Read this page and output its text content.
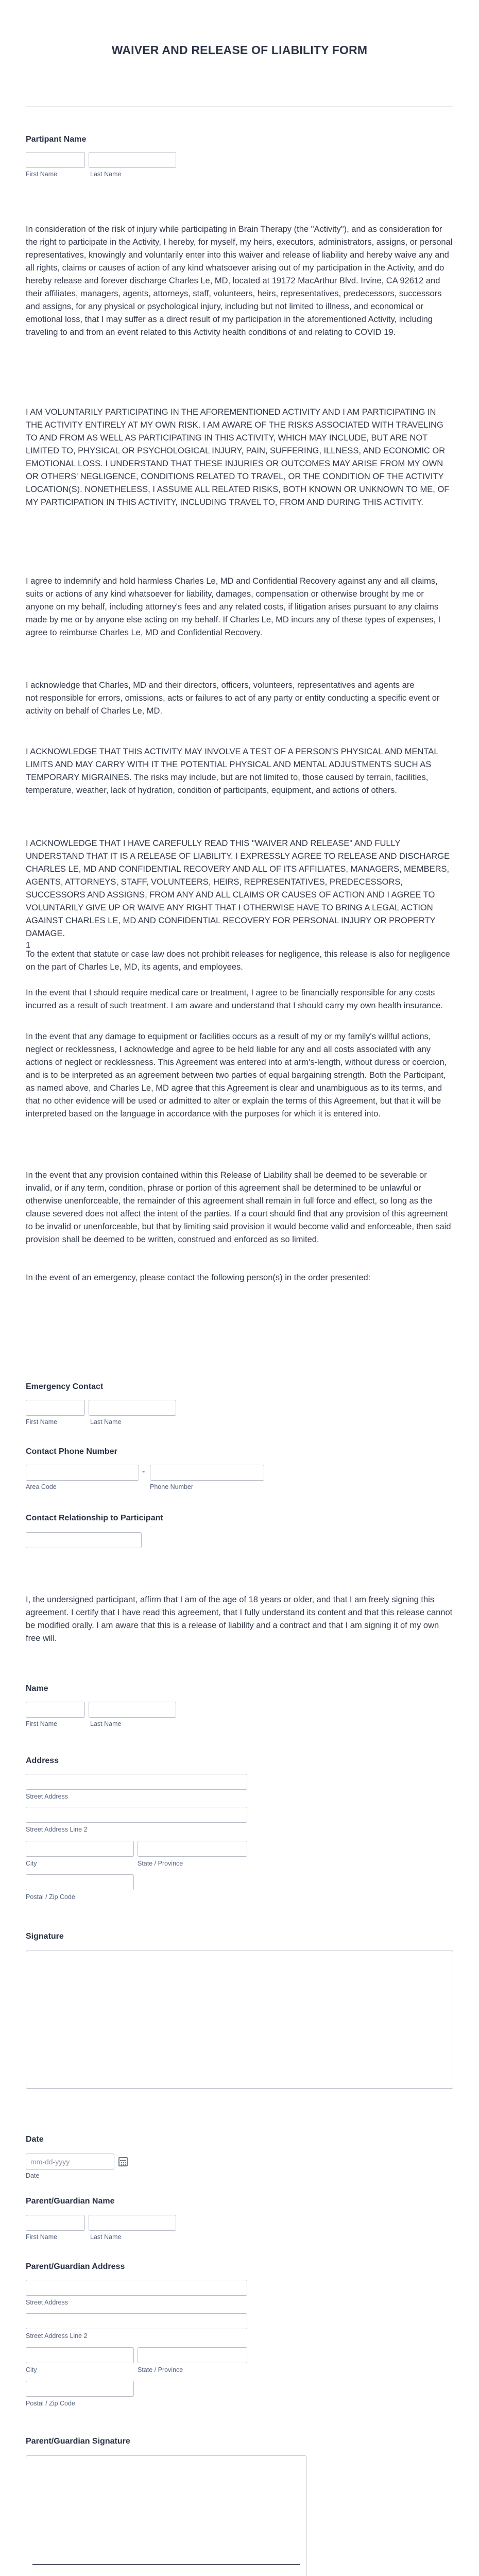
WAIVER AND RELEASE OF LIABILITY FORM
Partipant Name
First Name	Last Name
In consideration of the risk of injury while participating in Brain Therapy (the "Activity"), and as consideration for the right to participate in the Activity, I hereby, for myself, my heirs, executors, administrators, assigns, or personal representatives, knowingly and voluntarily enter into this waiver and release of liability and hereby waive any and all rights, claims or causes of action of any kind whatsoever arising out of my participation in the Activity, and do hereby release and forever discharge Charles Le, MD, located at 19172 MacArthur Blvd. Irvine, CA 92612 and their affiliates, managers, agents, attorneys, staff, volunteers, heirs, representatives, predecessors, successors and assigns, for any physical or psychological injury, including but not limited to illness, and economical or emotional loss, that I may suffer as a direct result of my participation in the aforementioned Activity, including traveling to and from an event related to this Activity health conditions of and relating to COVID 19.
I AM VOLUNTARILY PARTICIPATING IN THE AFOREMENTIONED ACTIVITY AND I AM PARTICIPATING IN THE ACTIVITY ENTIRELY AT MY OWN RISK. I AM AWARE OF THE RISKS ASSOCIATED WITH TRAVELING TO AND FROM AS WELL AS PARTICIPATING IN THIS ACTIVITY, WHICH MAY INCLUDE, BUT ARE NOT LIMITED TO, PHYSICAL OR PSYCHOLOGICAL INJURY, PAIN, SUFFERING, ILLNESS, AND ECONOMIC OR EMOTIONAL LOSS. I UNDERSTAND THAT THESE INJURIES OR OUTCOMES MAY ARISE FROM MY OWN OR OTHERS' NEGLIGENCE, CONDITIONS RELATED TO TRAVEL, OR THE CONDITION OF THE ACTIVITY LOCATION(S). NONETHELESS, I ASSUME ALL RELATED RISKS, BOTH KNOWN OR UNKNOWN TO ME, OF MY PARTICIPATION IN THIS ACTIVITY, INCLUDING TRAVEL TO, FROM AND DURING THIS ACTIVITY.
I agree to indemnify and hold harmless Charles Le, MD and Confidential Recovery against any and all claims, suits or actions of any kind whatsoever for liability, damages, compensation or otherwise brought by me or anyone on my behalf, including attorney's fees and any related costs, if litigation arises pursuant to any claims made by me or by anyone else acting on my behalf. If Charles Le, MD incurs any of these types of expenses, I agree to reimburse Charles Le, MD and Confidential Recovery.
I acknowledge that Charles, MD and their directors, officers, volunteers, representatives and agents are
not responsible for errors, omissions, acts or failures to act of any party or entity conducting a specific event or activity on behalf of Charles Le, MD.
I ACKNOWLEDGE THAT THIS ACTIVITY MAY INVOLVE A TEST OF A PERSON'S PHYSICAL AND MENTAL LIMITS AND MAY CARRY WITH IT THE POTENTIAL PHYSICAL AND MENTAL ADJUSTMENTS SUCH AS TEMPORARY MIGRAINES. The risks may include, but are not limited to, those caused by terrain, facilities, temperature, weather, lack of hydration, condition of participants, equipment, and actions of others.
I ACKNOWLEDGE THAT I HAVE CAREFULLY READ THIS "WAIVER AND RELEASE" AND FULLY UNDERSTAND THAT IT IS A RELEASE OF LIABILITY. I EXPRESSLY AGREE TO RELEASE AND DISCHARGE CHARLES LE, MD AND CONFIDENTIAL RECOVERY AND ALL OF ITS AFFILIATES, MANAGERS, MEMBERS, AGENTS, ATTORNEYS, STAFF, VOLUNTEERS, HEIRS, REPRESENTATIVES, PREDECESSORS, SUCCESSORS AND ASSIGNS, FROM ANY AND ALL CLAIMS OR CAUSES OF ACTION AND I AGREE TO VOLUNTARILY GIVE UP OR WAIVE ANY RIGHT THAT I OTHERWISE HAVE TO BRING A LEGAL ACTION AGAINST CHARLES LE, MD AND CONFIDENTIAL RECOVERY FOR PERSONAL INJURY OR PROPERTY DAMAGE.
1
To the extent that statute or case law does not prohibit releases for negligence, this release is also for negligence on the part of Charles Le, MD, its agents, and employees.
In the event that I should require medical care or treatment, I agree to be financially responsible for any costs incurred as a result of such treatment. I am aware and understand that I should carry my own health insurance.
In the event that any damage to equipment or facilities occurs as a result of my or my family's willful actions, neglect or recklessness, I acknowledge and agree to be held liable for any and all costs associated with any actions of neglect or recklessness. This Agreement was entered into at arm's-length, without duress or coercion, and is to be interpreted as an agreement between two parties of equal bargaining strength. Both the Participant, as named above, and Charles Le, MD agree that this Agreement is clear and unambiguous as to its terms, and that no other evidence will be used or admitted to alter or explain the terms of this Agreement, but that it will be interpreted based on the language in accordance with the purposes for which it is entered into.
In the event that any provision contained within this Release of Liability shall be deemed to be severable or invalid, or if any term, condition, phrase or portion of this agreement shall be determined to be unlawful or otherwise unenforceable, the remainder of this agreement shall remain in full force and effect, so long as the clause severed does not affect the intent of the parties. If a court should find that any provision of this agreement to be invalid or unenforceable, but that by limiting said provision it would become valid and enforceable, then said provision shall be deemed to be written, construed and enforced as so limited.
In the event of an emergency, please contact the following person(s) in the order presented:
Emergency Contact
First Name	Last Name
Contact Phone Number
-
Area Code	Phone Number
Contact Relationship to Participant
I, the undersigned participant, affirm that I am of the age of 18 years or older, and that I am freely signing this agreement. I certify that I have read this agreement, that I fully understand its content and that this release cannot be modified orally. I am aware that this is a release of liability and a contract and that I am signing it of my own free will.
Name
First Name	Last Name
Address
Street Address
Street Address Line 2
City	State / Province
Postal / Zip Code
Signature
Date
mm-dd-yyyy
Date
Parent/Guardian Name
First Name	Last Name
Parent/Guardian Address
Street Address
Street Address Line 2
City	State / Province
Postal / Zip Code
Parent/Guardian Signature
